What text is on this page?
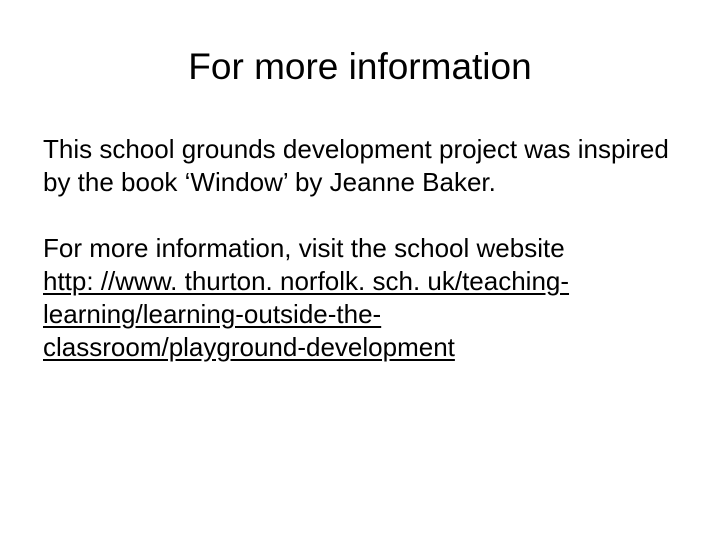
For more information

This school grounds development project was inspired by the book ‘Window’ by Jeanne Baker.

For more information, visit the school website
http: //www. thurton. norfolk. sch. uk/teaching-
learning/learning-outside-the-
classroom/playground-development
